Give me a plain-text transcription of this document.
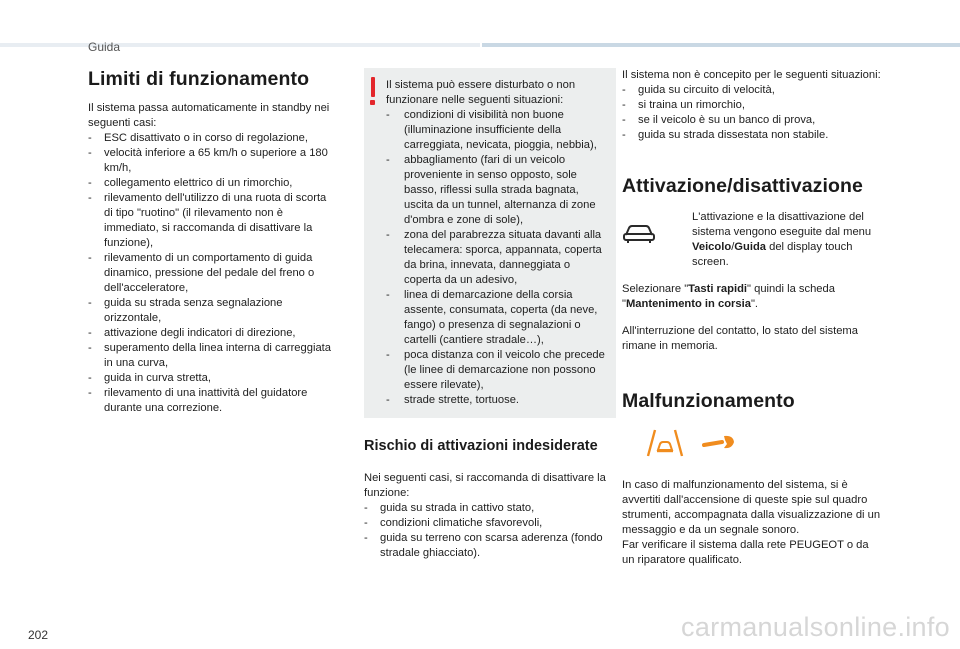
Guida
Limiti di funzionamento

Il sistema passa automaticamente in standby nei seguenti casi:

- ESC disattivato o in corso di regolazione,
- velocità inferiore a 65 km/h o superiore a 180 km/h,
- collegamento elettrico di un rimorchio,
- rilevamento dell'utilizzo di una ruota di scorta di tipo "ruotino" (il rilevamento non è immediato, si raccomanda di disattivare la funzione),
- rilevamento di un comportamento di guida dinamico, pressione del pedale del freno o dell'acceleratore,
- guida su strada senza segnalazione orizzontale,
- attivazione degli indicatori di direzione,
- superamento della linea interna di carreggiata in una curva,
- guida in curva stretta,
- rilevamento di una inattività del guidatore durante una correzione.

Il sistema può essere disturbato o non funzionare nelle seguenti situazioni:

- condizioni di visibilità non buone (illuminazione insufficiente della carreggiata, nevicata, pioggia, nebbia),
- abbagliamento (fari di un veicolo proveniente in senso opposto, sole basso, riflessi sulla strada bagnata, uscita da un tunnel, alternanza di zone d'ombra e zone di sole),
- zona del parabrezza situata davanti alla telecamera: sporca, appannata, coperta da brina, innevata, danneggiata o coperta da un adesivo,
- linea di demarcazione della corsia assente, consumata, coperta (da neve, fango) o presenza di segnalazioni o cartelli (cantiere stradale…),
- poca distanza con il veicolo che precede (le linee di demarcazione non possono essere rilevate),
- strade strette, tortuose.
Rischio di attivazioni indesiderate

Nei seguenti casi, si raccomanda di disattivare la funzione:

- guida su strada in cattivo stato,
- condizioni climatiche sfavorevoli,
- guida su terreno con scarsa aderenza (fondo stradale ghiacciato).

Il sistema non è concepito per le seguenti situazioni:

- guida su circuito di velocità,
- si traina un rimorchio,
- se il veicolo è su un banco di prova,
- guida su strada dissestata non stabile.
Attivazione/disattivazione

L'attivazione e la disattivazione del sistema vengono eseguite dal menu Veicolo/Guida del display touch screen.

Selezionare "Tasti rapidi" quindi la scheda "Mantenimento in corsia".

All'interruzione del contatto, lo stato del sistema rimane in memoria.

Malfunzionamento

In caso di malfunzionamento del sistema, si è avvertiti dall'accensione di queste spie sul quadro strumenti, accompagnata dalla visualizzazione di un messaggio e da un segnale sonoro.

Far verificare il sistema dalla rete PEUGEOT o da un riparatore qualificato.

202	carmanualsonline.info
